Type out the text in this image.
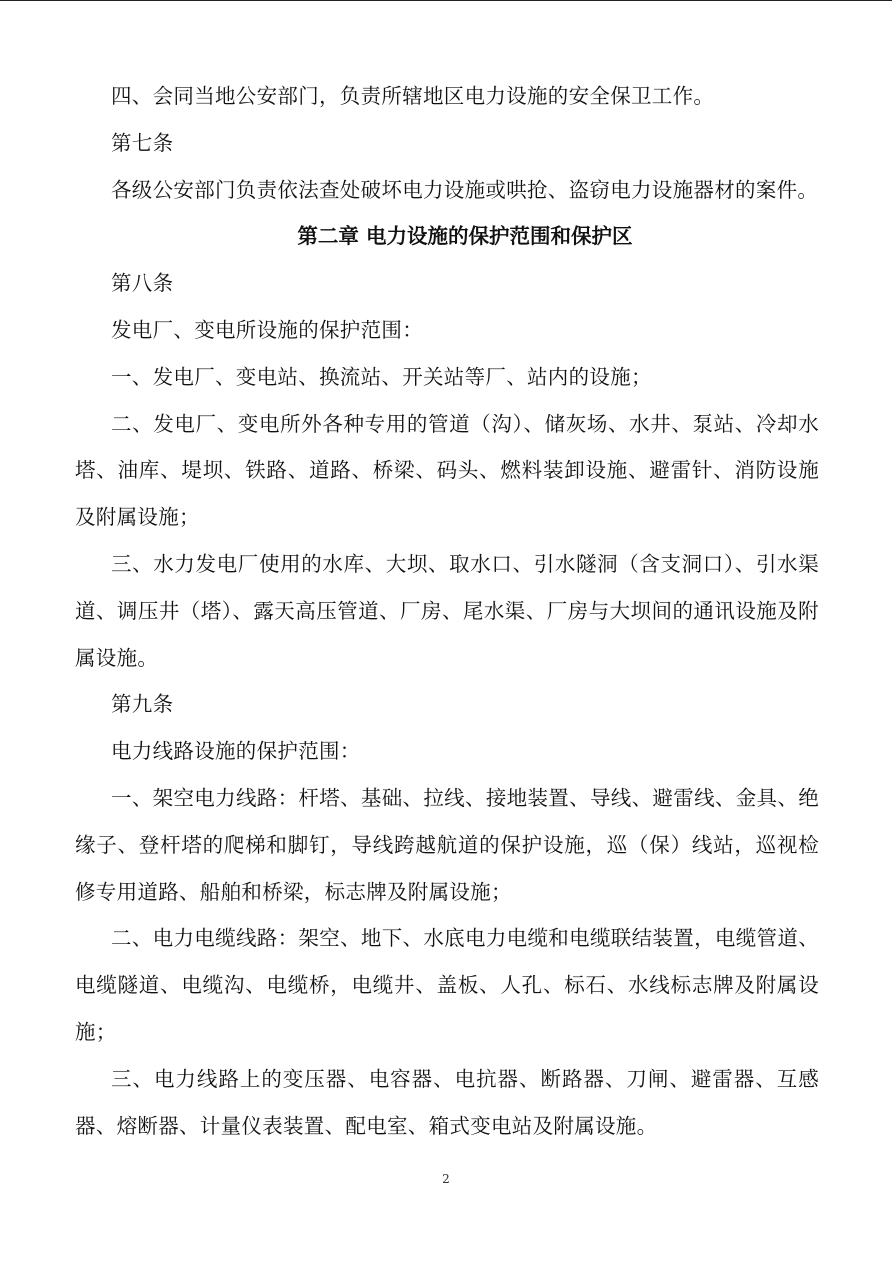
四、会同当地公安部门，负责所辖地区电力设施的安全保卫工作。

第七条

各级公安部门负责依法查处破坏电力设施或哄抢、盗窃电力设施器材的案件。

第二章 电力设施的保护范围和保护区

第八条

发电厂、变电所设施的保护范围：

一、发电厂、变电站、换流站、开关站等厂、站内的设施；

二、发电厂、变电所外各种专用的管道（沟）、储灰场、水井、泵站、冷却水塔、油库、堤坝、铁路、道路、桥梁、码头、燃料装卸设施、避雷针、消防设施及附属设施；

三、水力发电厂使用的水库、大坝、取水口、引水隧洞（含支洞口）、引水渠道、调压井（塔）、露天高压管道、厂房、尾水渠、厂房与大坝间的通讯设施及附属设施。

第九条

电力线路设施的保护范围：

一、架空电力线路：杆塔、基础、拉线、接地装置、导线、避雷线、金具、绝缘子、登杆塔的爬梯和脚钉，导线跨越航道的保护设施，巡（保）线站，巡视检修专用道路、船舶和桥梁，标志牌及附属设施；

二、电力电缆线路：架空、地下、水底电力电缆和电缆联结装置，电缆管道、电缆隧道、电缆沟、电缆桥，电缆井、盖板、人孔、标石、水线标志牌及附属设施；

三、电力线路上的变压器、电容器、电抗器、断路器、刀闸、避雷器、互感器、熔断器、计量仪表装置、配电室、箱式变电站及附属设施。

2
